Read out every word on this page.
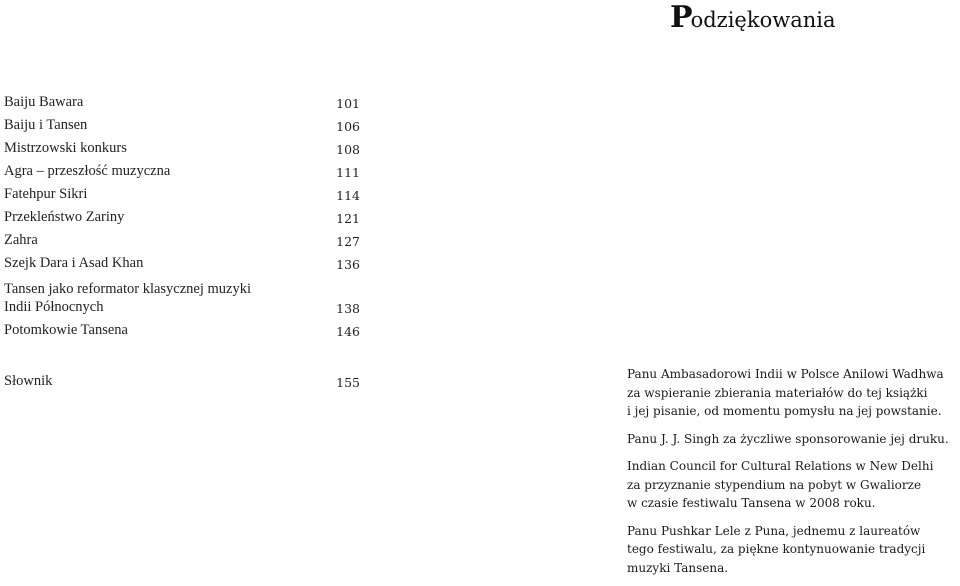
Podziękowania
Baiju Bawara	101
Baiju i Tansen	106
Mistrzowski konkurs	108
Agra – przeszłość muzyczna	111
Fatehpur Sikri	114
Przekleństwo Zariny	121
Zahra	127
Szejk Dara i Asad Khan	136
Tansen jako reformator klasycznej muzyki
Indii Północnych	138
Potomkowie Tansena	146
Słownik	155

Panu Ambasadorowi Indii w Polsce Anilowi Wadhwa
za wspieranie zbierania materiałów do tej książki
i jej pisanie, od momentu pomysłu na jej powstanie.

Panu J. J. Singh za życzliwe sponsorowanie jej druku.

Indian Council for Cultural Relations w New Delhi
za przyznanie stypendium na pobyt w Gwaliorze
w czasie festiwalu Tansena w 2008 roku.

Panu Pushkar Lele z Puna, jednemu z laureatów
tego festiwalu, za piękne kontynuowanie tradycji
muzyki Tansena.
